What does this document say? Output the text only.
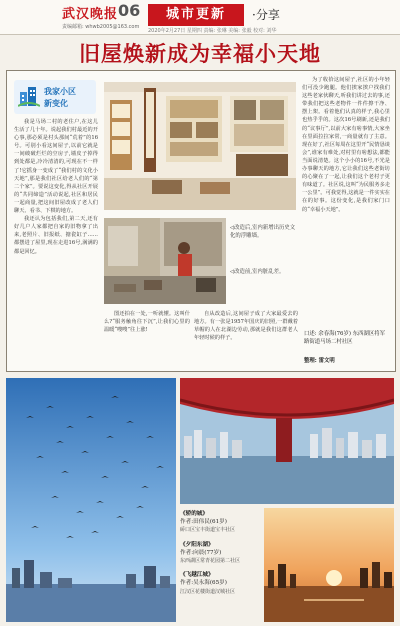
武汉晚报 06
责编邮箱: whwb2005@163.com
城市更新	·分享
2020年2月27日 星期四 责编: 张琳 美编: 张毅 校对: 刘华
旧屋焕新成为幸福小天地
我家小区
新变化

我是马场二村的老住户,在这儿生活了几十年。说起我们村最近的开心事,那必须是村头那间“荒着”的16号。可别小看这间屋子,以前它就是一间破破烂烂的空房子,墙皮子掉得到处都是,冷冷清清的,可现在不一样了!它摇身一变成了“我们村的文化小天地”,那是我们社区给老人们的“第二个家”。要说这变化,得从社区开展的“共同缔造”活动说起,社区和居民一起商量,把这间旧屋改成了老人们聊天、看书、下棋的地方。

我还认为包括我们,第二天,还有好几户人家都把自家的旧物拿了出来,老照片、旧报纸、搪瓷缸子……都摆进了屋里,现在走进16号,满满的都是回忆。

◁改造后,室内新增出历史文化的浮雕墙。
◁改造前,室内脏乱差。

图还拍在一处,一听就懂。这叫什么?“服务触角往下沉”,让我们心里的温暖“嗖嗖”往上涨!

自从改造后,这间屋子成了大家最爱去的地方。有一张是1957年国庆的旧照,一群戴着草帽的人在北湖边劳动,那就是我们这群老人年轻时候的样子。

为了收拾这间屋子,社区的小年轻们可没少跑腿。他们挨家挨户找我们这些老家伙聊天,听我们讲过去的事,还带我们把这些老物件一件件擦干净、摆上架。看着他们认真的样子,我心里也热乎乎的。这次16号刷新,还是我们的“议事厅”,以前大家有啥事情,大家坐在里面拉拉家常,一商量就有了主意。现在好了,社区每周在这里开“民情恳谈会”,谁家有难处,对村里有啥想法,都能当面说清楚。这个小小的16号,不光是办事聊天的地方,它让我们这些老街坊的心聚在了一起,让我们这个老村子更有味道了。社区说,这叫“为民服务多走一公里”。可我觉得,这就是一件实实在在的好事。这份变化,是我们家门口的“幸福小天地”。

口述: 余春海(76岁) 东西湖区将军路街道马场二村社区
整理: 雷文明
《轿的城》
作者:田伟民(61岁)
硚口区宝丰街道宝丰社区
《夕阳东湖》
作者:向晨(77岁)
东西湖区常青花园第二社区
《飞越江城》
作者:吴永海(65岁)
江汉区花楼街道汉城社区
